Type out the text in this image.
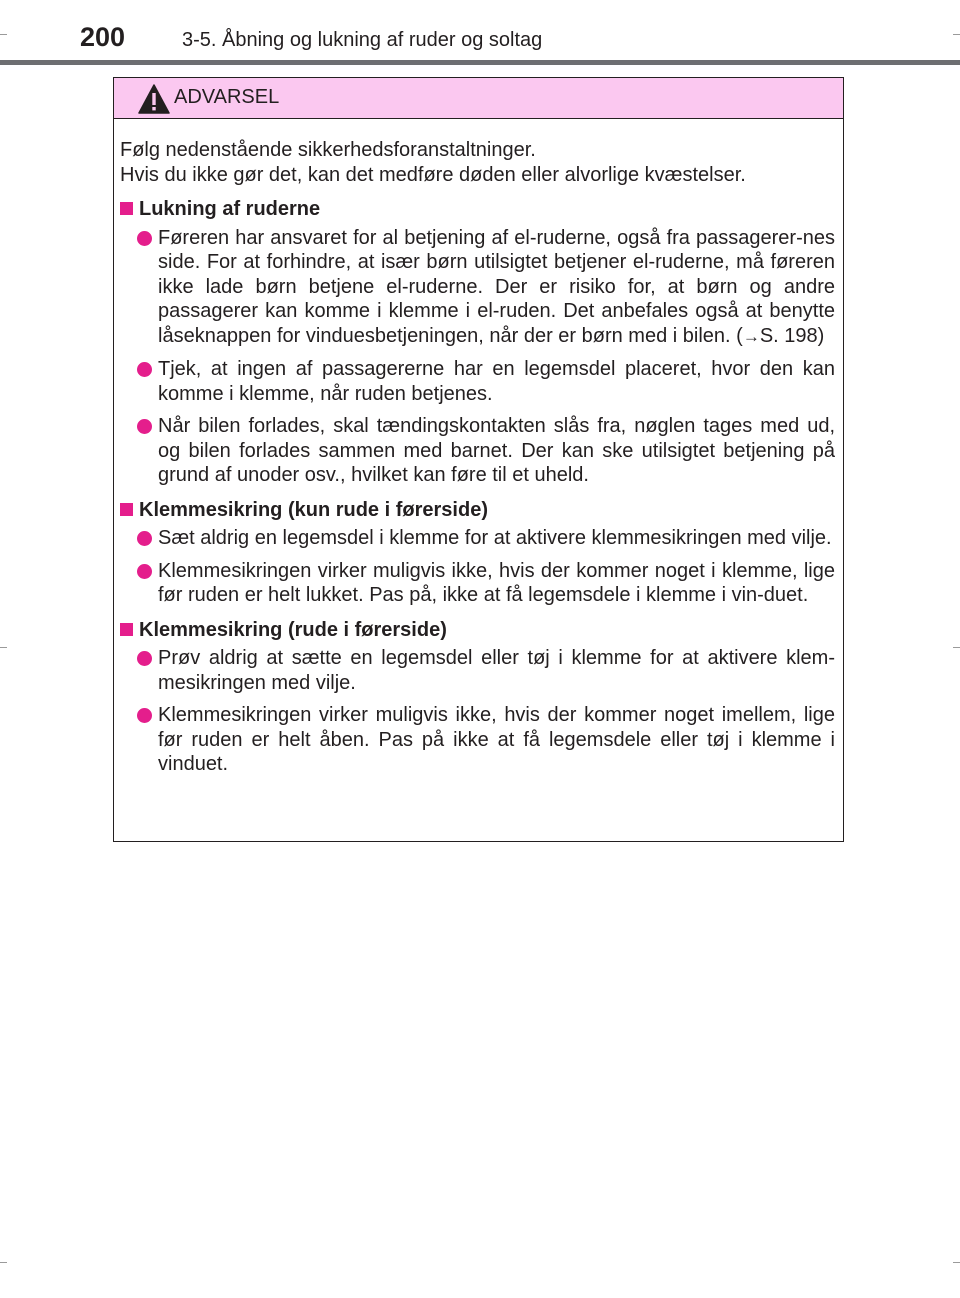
200	3-5. Åbning og lukning af ruder og soltag
ADVARSEL

Følg nedenstående sikkerhedsforanstaltninger.

Hvis du ikke gør det, kan det medføre døden eller alvorlige kvæstelser.

Lukning af ruderne
Føreren har ansvaret for al betjening af el-ruderne, også fra passagerer-nes side. For at forhindre, at især børn utilsigtet betjener el-ruderne, må føreren ikke lade børn betjene el-ruderne. Der er risiko for, at børn og andre passagerer kan komme i klemme i el-ruden. Det anbefales også at benytte låseknappen for vinduesbetjeningen, når der er børn med i bilen. (→S. 198)
Tjek, at ingen af passagererne har en legemsdel placeret, hvor den kan komme i klemme, når ruden betjenes.
Når bilen forlades, skal tændingskontakten slås fra, nøglen tages med ud, og bilen forlades sammen med barnet. Der kan ske utilsigtet betjening på grund af unoder osv., hvilket kan føre til et uheld.
Klemmesikring (kun rude i førerside)
Sæt aldrig en legemsdel i klemme for at aktivere klemmesikringen med vilje.
Klemmesikringen virker muligvis ikke, hvis der kommer noget i klemme, lige før ruden er helt lukket. Pas på, ikke at få legemsdele i klemme i vin-duet.
Klemmesikring (rude i førerside)
Prøv aldrig at sætte en legemsdel eller tøj i klemme for at aktivere klem-mesikringen med vilje.
Klemmesikringen virker muligvis ikke, hvis der kommer noget imellem, lige før ruden er helt åben. Pas på ikke at få legemsdele eller tøj i klemme i vinduet.
